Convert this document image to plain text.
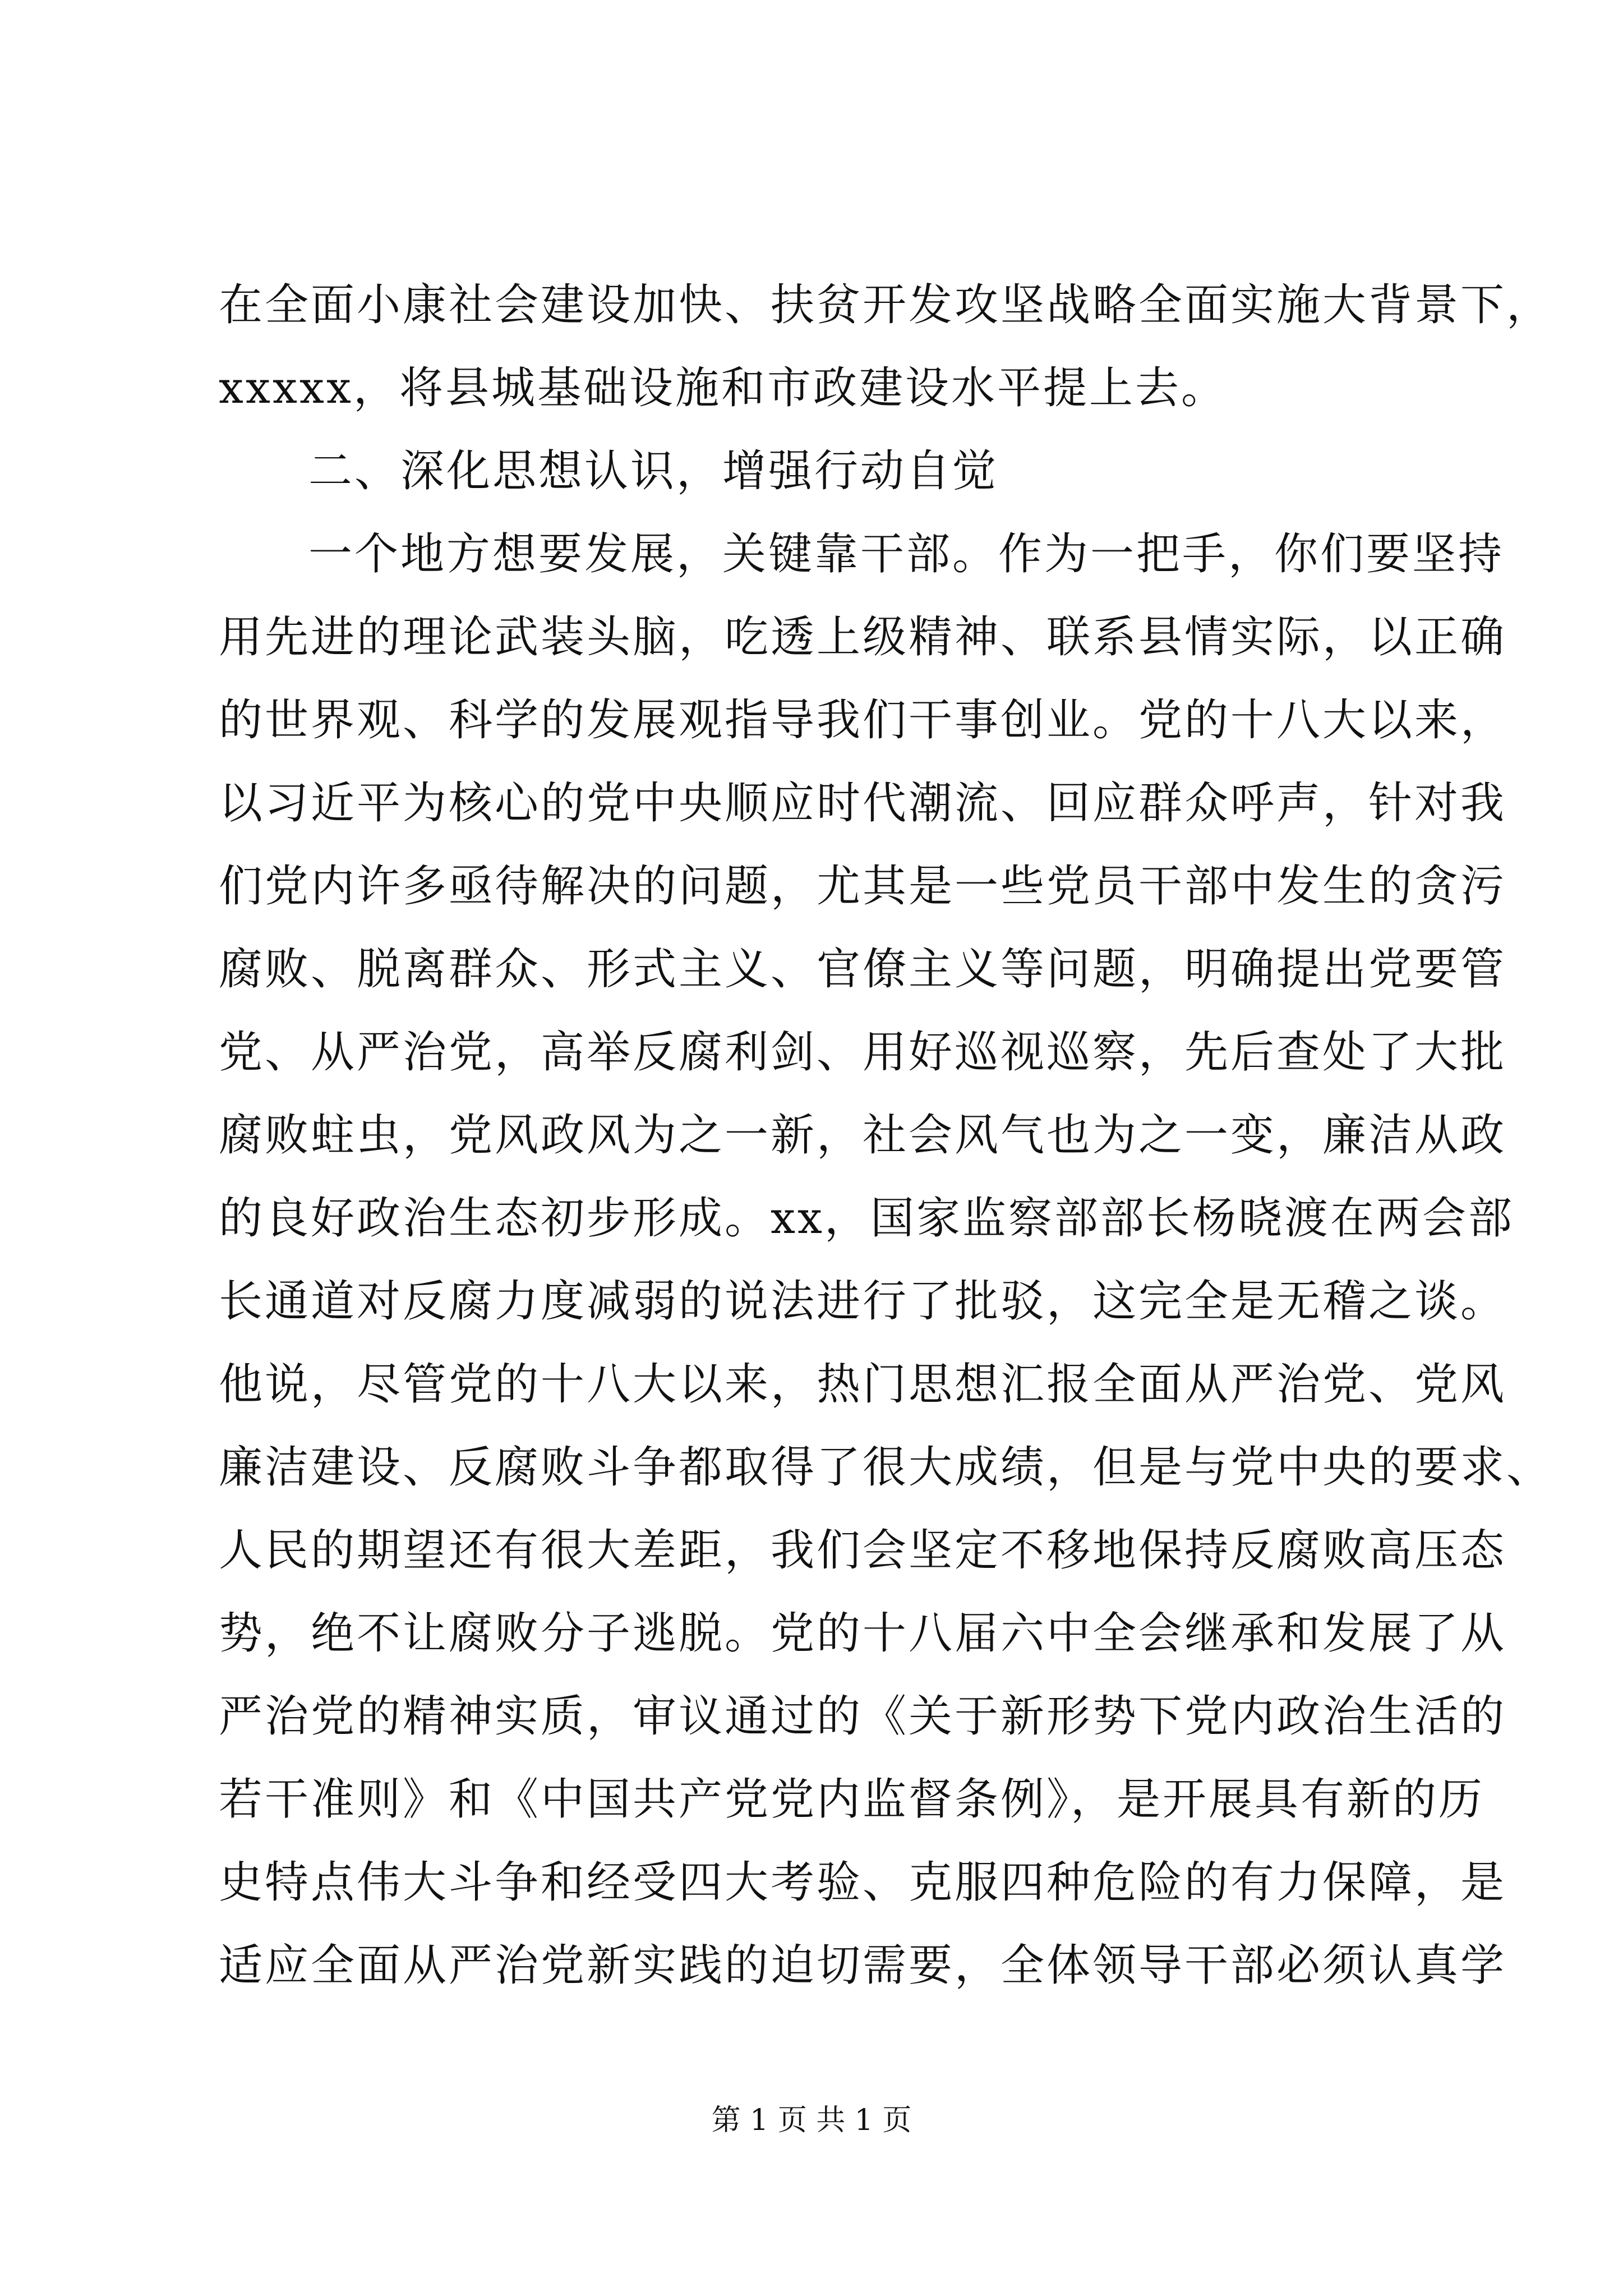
在全面小康社会建设加快、扶贫开发攻坚战略全面实施大背景下，
xxxxx，将县城基础设施和市政建设水平提上去。
二、深化思想认识，增强行动自觉
一个地方想要发展，关键靠干部。作为一把手，你们要坚持
用先进的理论武装头脑，吃透上级精神、联系县情实际，以正确
的世界观、科学的发展观指导我们干事创业。党的十八大以来，
以习近平为核心的党中央顺应时代潮流、回应群众呼声，针对我
们党内许多亟待解决的问题，尤其是一些党员干部中发生的贪污
腐败、脱离群众、形式主义、官僚主义等问题，明确提出党要管
党、从严治党，高举反腐利剑、用好巡视巡察，先后查处了大批
腐败蛀虫，党风政风为之一新，社会风气也为之一变，廉洁从政
的良好政治生态初步形成。xx，国家监察部部长杨晓渡在两会部
长通道对反腐力度减弱的说法进行了批驳，这完全是无稽之谈。
他说，尽管党的十八大以来，热门思想汇报全面从严治党、党风
廉洁建设、反腐败斗争都取得了很大成绩，但是与党中央的要求、
人民的期望还有很大差距，我们会坚定不移地保持反腐败高压态
势，绝不让腐败分子逃脱。党的十八届六中全会继承和发展了从
严治党的精神实质，审议通过的《关于新形势下党内政治生活的
若干准则》和《中国共产党党内监督条例》，是开展具有新的历
史特点伟大斗争和经受四大考验、克服四种危险的有力保障，是
适应全面从严治党新实践的迫切需要，全体领导干部必须认真学
第 1 页 共 1 页
